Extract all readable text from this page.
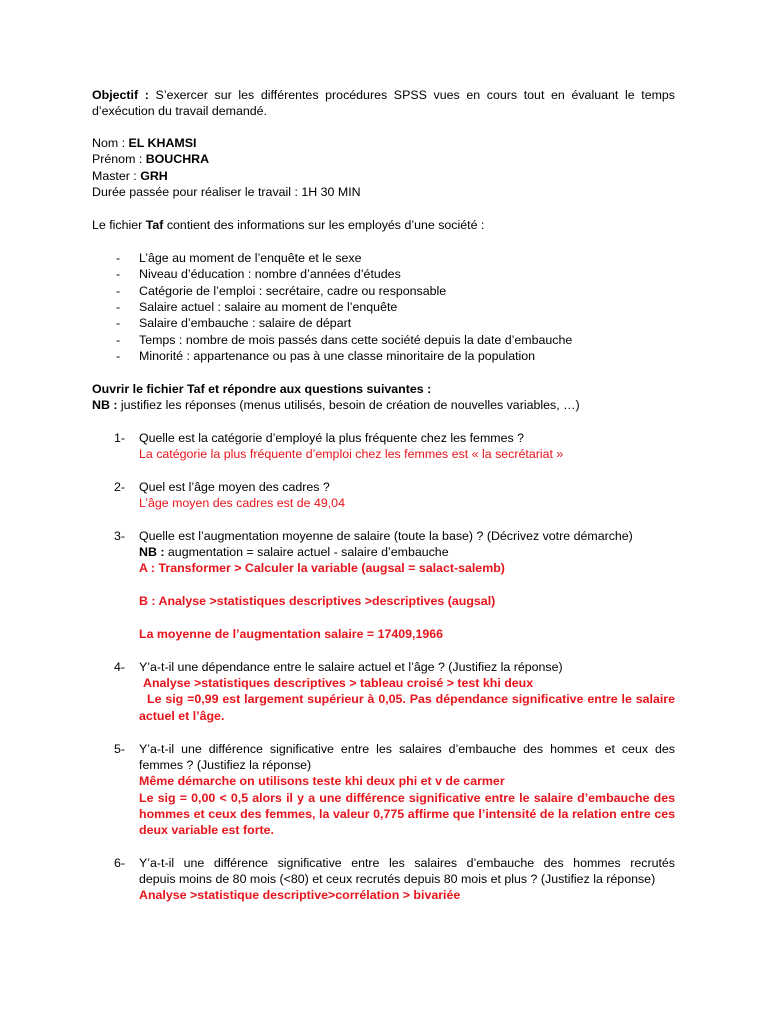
Objectif : S’exercer sur les différentes procédures SPSS vues en cours tout en évaluant le temps d’exécution du travail demandé.

Nom : EL KHAMSI

Prénom : BOUCHRA

Master : GRH

Durée passée pour réaliser le travail : 1H 30 MIN

Le fichier Taf contient des informations sur les employés d’une société :

- L’âge au moment de l’enquête et le sexe
- Niveau d’éducation : nombre d’années d’études
- Catégorie de l’emploi : secrétaire, cadre ou responsable
- Salaire actuel : salaire au moment de l’enquête
- Salaire d’embauche : salaire de départ
- Temps : nombre de mois passés dans cette société depuis la date d’embauche
- Minorité : appartenance ou pas à une classe minoritaire de la population

Ouvrir le fichier Taf et répondre aux questions suivantes :

NB : justifiez les réponses (menus utilisés, besoin de création de nouvelles variables, …)

1- Quelle est la catégorie d’employé la plus fréquente chez les femmes ?
La catégorie la plus fréquente d’emploi chez les femmes est « la secrétariat »
2- Quel est l’âge moyen des cadres ?
L’âge moyen des cadres est de 49,04
3- Quelle est l’augmentation moyenne de salaire (toute la base) ? (Décrivez votre démarche)
NB : augmentation = salaire actuel - salaire d’embauche
A : Transformer > Calculer la variable (augsal = salact-salemb)
B : Analyse >statistiques descriptives >descriptives (augsal)
La moyenne de l’augmentation salaire = 17409,1966
4- Y’a-t-il une dépendance entre le salaire actuel et l’âge ? (Justifiez la réponse)
Analyse >statistiques descriptives > tableau croisé > test khi deux
Le sig =0,99 est largement supérieur à 0,05. Pas dépendance significative entre le salaire
actuel et l’âge.
5- Y’a-t-il une différence significative entre les salaires d’embauche des hommes et ceux des
femmes ? (Justifiez la réponse)
Même démarche on utilisons teste khi deux phi et v de carmer
Le sig = 0,00 < 0,5 alors il y a une différence significative entre le salaire d’embauche des
hommes et ceux des femmes, la valeur 0,775 affirme que l’intensité de la relation entre ces
deux variable est forte.
6- Y’a-t-il une différence significative entre les salaires d’embauche des hommes recrutés
depuis moins de 80 mois (<80) et ceux recrutés depuis 80 mois et plus ? (Justifiez la réponse)
Analyse >statistique descriptive>corrélation > bivariée
